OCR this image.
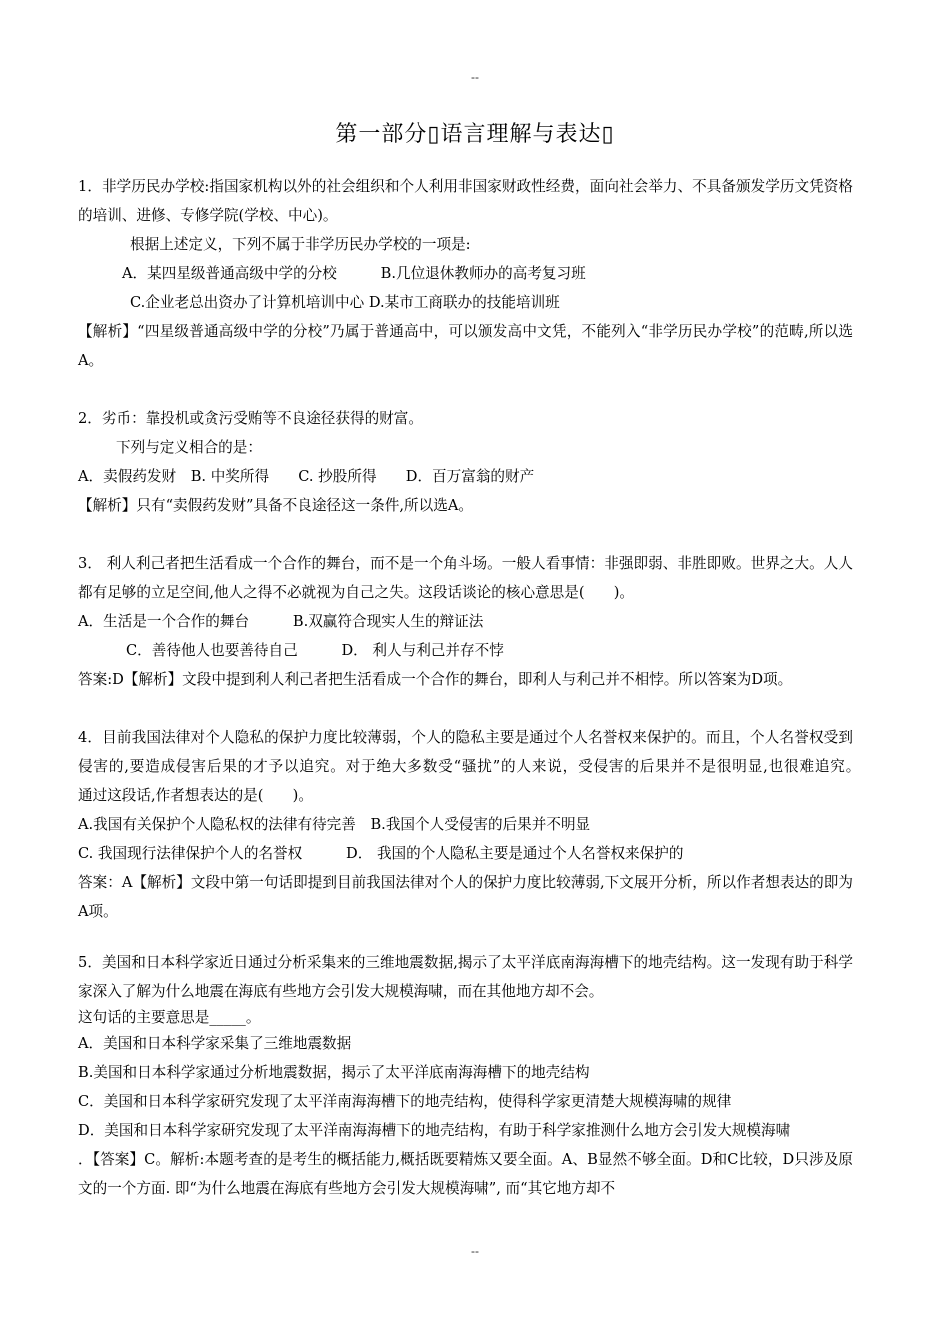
--
第一部分▯语言理解与表达▯

1．非学历民办学校:指国家机构以外的社会组织和个人利用非国家财政性经费，面向社会举力、不具备颁发学历文凭资格的培训、进修、专修学院(学校、中心)。

根据上述定义，下列不属于非学历民办学校的一项是:

A．某四星级普通高级中学的分校　　　B.几位退休教师办的高考复习班

C.企业老总出资办了计算机培训中心 D.某市工商联办的技能培训班

【解析】“四星级普通高级中学的分校”乃属于普通高中，可以颁发高中文凭，不能列入“非学历民办学校”的范畴,所以选A。

2．劣币：靠投机或贪污受贿等不良途径获得的财富。

下列与定义相合的是：

A．卖假药发财　B. 中奖所得　　C. 抄股所得　　D．百万富翁的财产

【解析】只有“卖假药发财”具备不良途径这一条件,所以选A。

3． 利人利己者把生活看成一个合作的舞台，而不是一个角斗场。一般人看事情：非强即弱、非胜即败。世界之大。人人都有足够的立足空间,他人之得不必就视为自己之失。这段话谈论的核心意思是(　　)。

A．生活是一个合作的舞台　　　B.双赢符合现实人生的辩证法

C．善待他人也要善待自己　　　D． 利人与利己并存不悖

答案:D【解析】文段中提到利人利己者把生活看成一个合作的舞台，即利人与利己并不相悖。所以答案为D项。

4．目前我国法律对个人隐私的保护力度比较薄弱，个人的隐私主要是通过个人名誉权来保护的。而且，个人名誉权受到侵害的,要造成侵害后果的才予以追究。对于绝大多数受“骚扰”的人来说，受侵害的后果并不是很明显,也很难追究。　　　通过这段话,作者想表达的是(　　)。

A.我国有关保护个人隐私权的法律有待完善　B.我国个人受侵害的后果并不明显

C. 我国现行法律保护个人的名誉权　　　D． 我国的个人隐私主要是通过个人名誉权来保护的

答案：A【解析】文段中第一句话即提到目前我国法律对个人的保护力度比较薄弱,下文展开分析，所以作者想表达的即为A项。

5．美国和日本科学家近日通过分析采集来的三维地震数据,揭示了太平洋底南海海槽下的地壳结构。这一发现有助于科学家深入了解为什么地震在海底有些地方会引发大规模海啸，而在其他地方却不会。

这句话的主要意思是_____。

A．美国和日本科学家采集了三维地震数据

B.美国和日本科学家通过分析地震数据，揭示了太平洋底南海海槽下的地壳结构

C．美国和日本科学家研究发现了太平洋南海海槽下的地壳结构，使得科学家更清楚大规模海啸的规律

D．美国和日本科学家研究发现了太平洋南海海槽下的地壳结构，有助于科学家推测什么地方会引发大规模海啸

．【答案】C。解析:本题考查的是考生的概括能力,概括既要精炼又要全面。A、B显然不够全面。D和C比较，D只涉及原文的一个方面. 即“为什么地震在海底有些地方会引发大规模海啸”, 而“其它地方却不

--
